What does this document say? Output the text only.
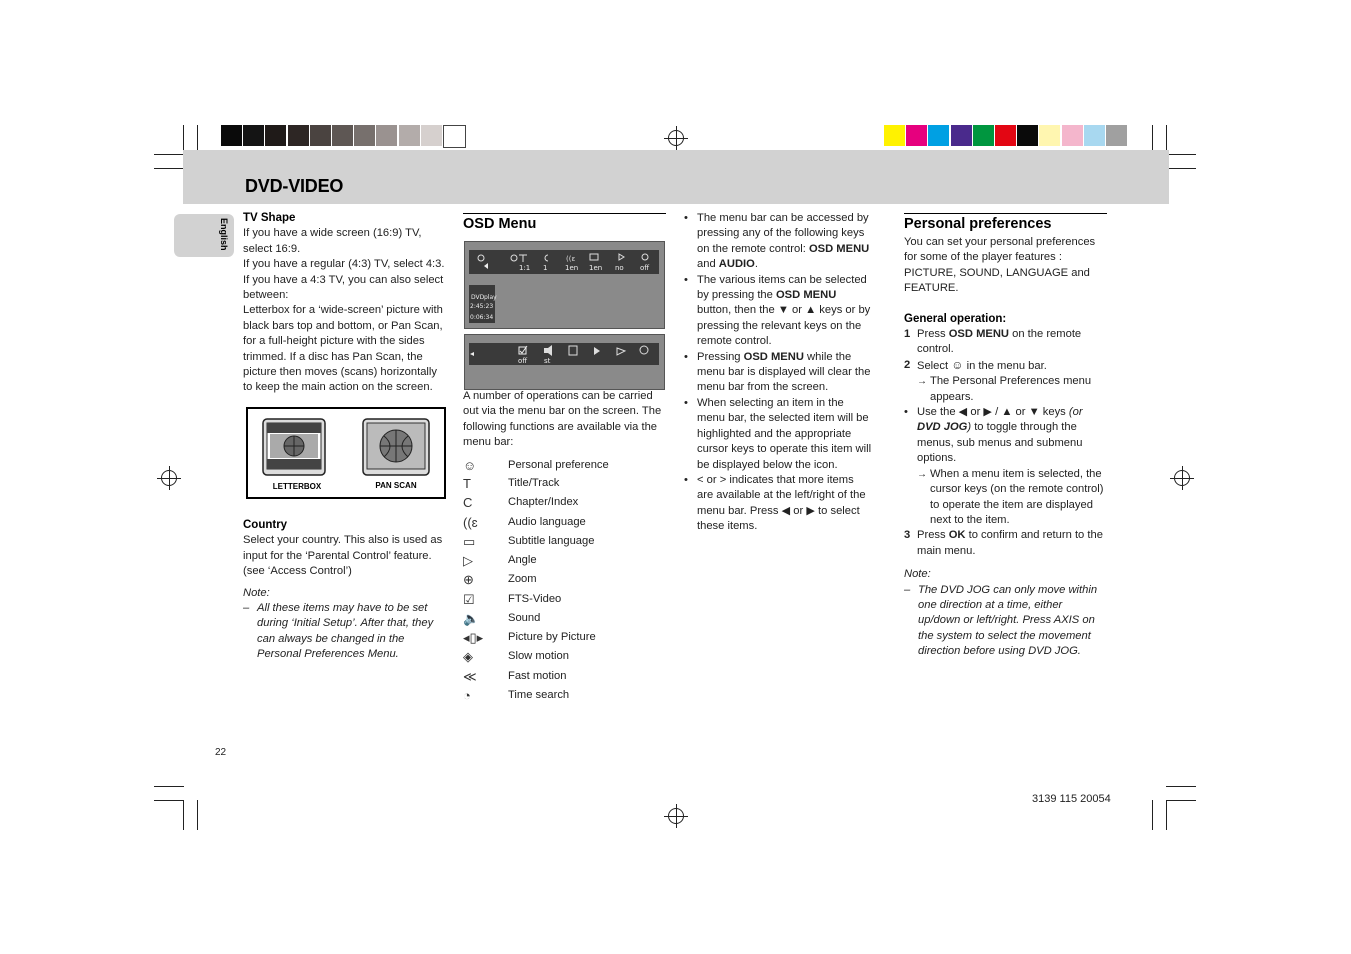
DVD-VIDEO
English TV Shape
If you have a wide screen (16:9) TV, select 16:9.
If you have a regular (4:3) TV, select 4:3.
If you have a 4:3 TV, you can also select between:
Letterbox for a ‘wide-screen’ picture with black bars top and bottom, or Pan Scan, for a full-height picture with the sides trimmed. If a disc has Pan Scan, the picture then moves (scans) horizontally to keep the main action on the screen.
LETTERBOX	PAN SCAN
Country
Select your country. This also is used as input for the ‘Parental Control’ feature. (see ‘Access Control’)
Note:
– All these items may have to be set during ‘Initial Setup’. After that, they can always be changed in the Personal Preferences Menu.
OSD Menu
((ɛ
1:1 1	1en 1en no off
DVD play
2:45:23
0:06:34
off st
A number of operations can be carried out via the menu bar on the screen. The following functions are available via the menu bar:
☺	Personal preference
T	Title/Track
C	Chapter/Index
((ɛ	Audio language
▭	Subtitle language
▷	Angle
⊕	Zoom
☑	FTS-Video
🔈	Sound
◂▯▸ Picture by Picture
◈	Slow motion
≪	Fast motion
◔	Time search
• The menu bar can be accessed by pressing any of the following keys on the remote control: OSD MENU and AUDIO.
• The various items can be selected by pressing the OSD MENU button, then the ▼ or ▲ keys or by pressing the relevant keys on the remote control.
• Pressing OSD MENU while the menu bar is displayed will clear the menu bar from the screen.
• When selecting an item in the menu bar, the selected item will be highlighted and the appropriate cursor keys to operate this item will be displayed below the icon.
• < or > indicates that more items are available at the left/right of the menu bar. Press ◀ or ▶ to select these items.
Personal preferences
You can set your personal preferences for some of the player features : PICTURE, SOUND, LANGUAGE and FEATURE.
General operation:
1 Press OSD MENU on the remote control.
2 Select ☺ in the menu bar.
→ The Personal Preferences menu appears.
• Use the ◀ or ▶ / ▲ or ▼ keys (or DVD JOG) to toggle through the menus, sub menus and submenu options.
→ When a menu item is selected, the cursor keys (on the remote control) to operate the item are displayed next to the item.
3 Press OK to confirm and return to the main menu.
Note:
– The DVD JOG can only move within one direction at a time, either up/down or left/right. Press AXIS on the system to select the movement direction before using DVD JOG.
22
3139 115 20054
